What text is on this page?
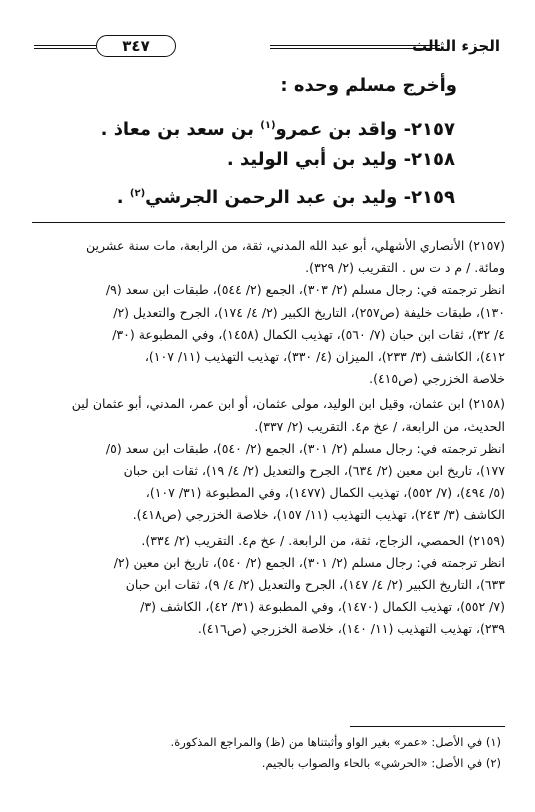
الجزء الثالث
٣٤٧
وأخرج مسلم وحده :
٢١٥٧- واقد بن عمرو$^{(١)}$ بن سعد بن معاذ .
٢١٥٨- وليد بن أبي الوليد .
٢١٥٩- وليد بن عبد الرحمن الجرشي$^{(٢)}$ .
(٢١٥٧) الأنصاري الأشهلي، أبو عبد الله المدني، ثقة، من الرابعة، مات سنة عشرين
ومائة. / م د ت س . التقريب (٢/ ٣٢٩).
انظر ترجمته في: رجال مسلم (٢/ ٣٠٣)، الجمع (٢/ ٥٤٤)، طبقات ابن سعد (٩/
١٣٠)، طبقات خليفة (ص٢٥٧)، التاريخ الكبير (٢/ ٤/ ١٧٤)، الجرح والتعديل (٢/
٤/ ٣٢)، ثقات ابن حبان (٧/ ٥٦٠)، تهذيب الكمال (١٤٥٨)، وفي المطبوعة (٣٠/
٤١٢)، الكاشف (٣/ ٢٣٣)، الميزان (٤/ ٣٣٠)، تهذيب التهذيب (١١/ ١٠٧)،
خلاصة الخزرجي (ص٤١٥).
(٢١٥٨) ابن عثمان، وقيل ابن الوليد، مولى عثمان، أو ابن عمر، المدني، أبو عثمان لين
الحديث، من الرابعة، / عخ م٤. التقريب (٢/ ٣٣٧).
انظر ترجمته في: رجال مسلم (٢/ ٣٠١)، الجمع (٢/ ٥٤٠)، طبقات ابن سعد (٥/
١٧٧)، تاريخ ابن معين (٢/ ٦٣٤)، الجرح والتعديل (٢/ ٤/ ١٩)، ثقات ابن حبان
(٥/ ٤٩٤)، (٧/ ٥٥٢)، تهذيب الكمال (١٤٧٧)، وفي المطبوعة (٣١/ ١٠٧)،
الكاشف (٣/ ٢٤٣)، تهذيب التهذيب (١١/ ١٥٧)، خلاصة الخزرجي (ص٤١٨).
(٢١٥٩) الحمصي، الزجاج، ثقة، من الرابعة. / عخ م٤. التقريب (٢/ ٣٣٤).
انظر ترجمته في: رجال مسلم (٢/ ٣٠١)، الجمع (٢/ ٥٤٠)، تاريخ ابن معين (٢/
٦٣٣)، التاريخ الكبير (٢/ ٤/ ١٤٧)، الجرح والتعديل (٢/ ٤/ ٩)، ثقات ابن حبان
(٧/ ٥٥٢)، تهذيب الكمال (١٤٧٠)، وفي المطبوعة (٣١/ ٤٢)، الكاشف (٣/
٢٣٩)، تهذيب التهذيب (١١/ ١٤٠)، خلاصة الخزرجي (ص٤١٦).
(١) في الأصل: «عمر» بغير الواو وأثبتناها من (ظ) والمراجع المذكورة.
(٢) في الأصل: «الحرشي» بالحاء والصواب بالجيم.
